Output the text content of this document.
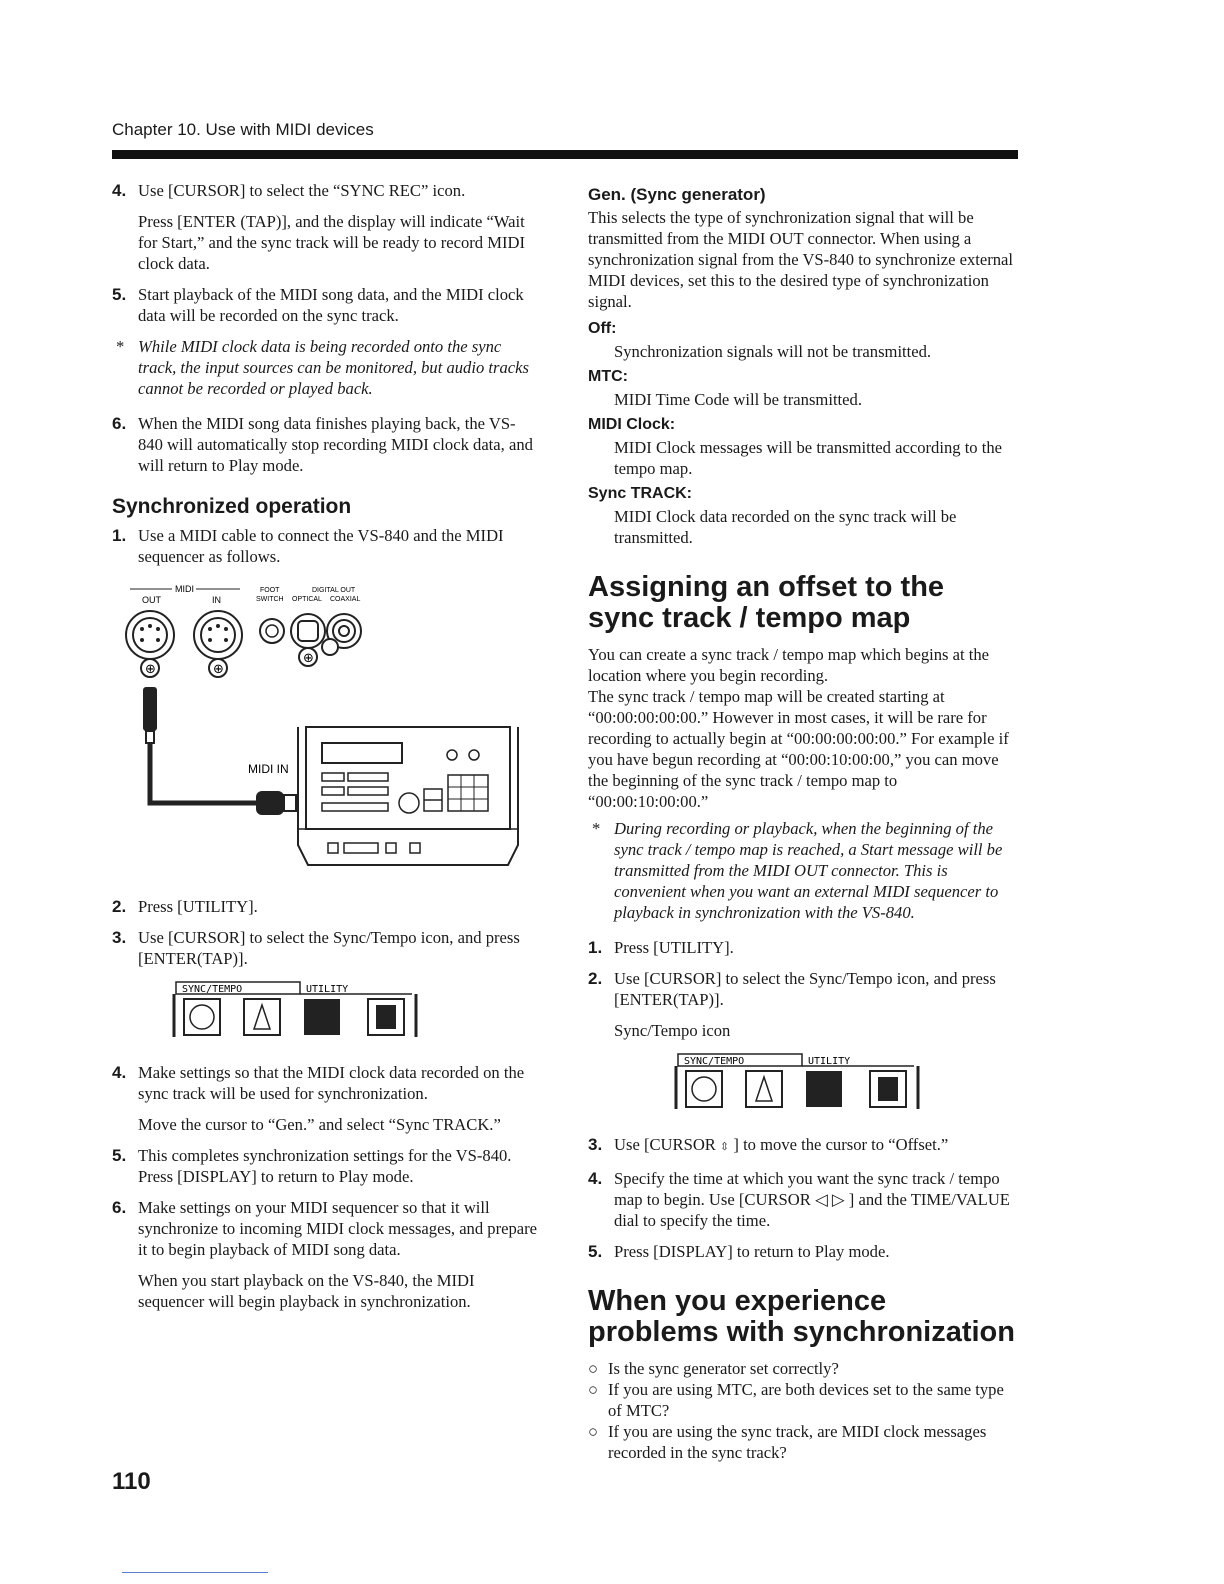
Chapter 10. Use with MIDI devices
4. Use [CURSOR] to select the “SYNC REC” icon.

Press [ENTER (TAP)], and the display will indicate “Wait for Start,” and the sync track will be ready to record MIDI clock data.

5. Start playback of the MIDI song data, and the MIDI clock data will be recorded on the sync track.

* While MIDI clock data is being recorded onto the sync track, the input sources can be monitored, but audio tracks cannot be recorded or played back.

6. When the MIDI song data finishes playing back, the VS-840 will automatically stop recording MIDI clock data, and will return to Play mode.

Synchronized operation
1. Use a MIDI cable to connect the VS-840 and the MIDI sequencer as follows.

MIDI
OUT	IN
FOOT
SWITCH
DIGITAL OUT
OPTICAL COAXIAL
⊕	⊕
⊕
MIDI IN
2. Press [UTILITY].

3. Use [CURSOR] to select the Sync/Tempo icon, and press [ENTER(TAP)].

SYNC/TEMPO	UTILITY
4. Make settings so that the MIDI clock data recorded on the sync track will be used for synchronization.

Move the cursor to “Gen.” and select “Sync TRACK.”

5. This completes synchronization settings for the VS-840. Press [DISPLAY] to return to Play mode.

6. Make settings on your MIDI sequencer so that it will synchronize to incoming MIDI clock messages, and prepare it to begin playback of MIDI song data.

When you start playback on the VS-840, the MIDI sequencer will begin playback in synchronization.

Gen. (Sync generator)

This selects the type of synchronization signal that will be transmitted from the MIDI OUT connector. When using a synchronization signal from the VS-840 to synchronize external MIDI devices, set this to the desired type of synchronization signal.

Off:

Synchronization signals will not be transmitted.

MTC:

MIDI Time Code will be transmitted.

MIDI Clock:

MIDI Clock messages will be transmitted according to the tempo map.

Sync TRACK:

MIDI Clock data recorded on the sync track will be transmitted.

Assigning an offset to the sync track / tempo map

You can create a sync track / tempo map which begins at the location where you begin recording.

The sync track / tempo map will be created starting at “00:00:00:00:00.” However in most cases, it will be rare for recording to actually begin at “00:00:00:00:00.” For example if you have begun recording at “00:00:10:00:00,” you can move the beginning of the sync track / tempo map to “00:00:10:00:00.”

* During recording or playback, when the beginning of the sync track / tempo map is reached, a Start message will be transmitted from the MIDI OUT connector. This is convenient when you want an external MIDI sequencer to playback in synchronization with the VS-840.

1. Press [UTILITY].

2. Use [CURSOR] to select the Sync/Tempo icon, and press [ENTER(TAP)].

Sync/Tempo icon

SYNC/TEMPO	UTILITY
3. Use [CURSOR ⇳ ] to move the cursor to “Offset.”

4. Specify the time at which you want the sync track / tempo map to begin. Use [CURSOR ◁ ▷ ] and the TIME/VALUE dial to specify the time.

5. Press [DISPLAY] to return to Play mode.

When you experience problems with synchronization

○ Is the sync generator set correctly?

○ If you are using MTC, are both devices set to the same type of MTC?

○ If you are using the sync track, are MIDI clock messages recorded in the sync track?

110
